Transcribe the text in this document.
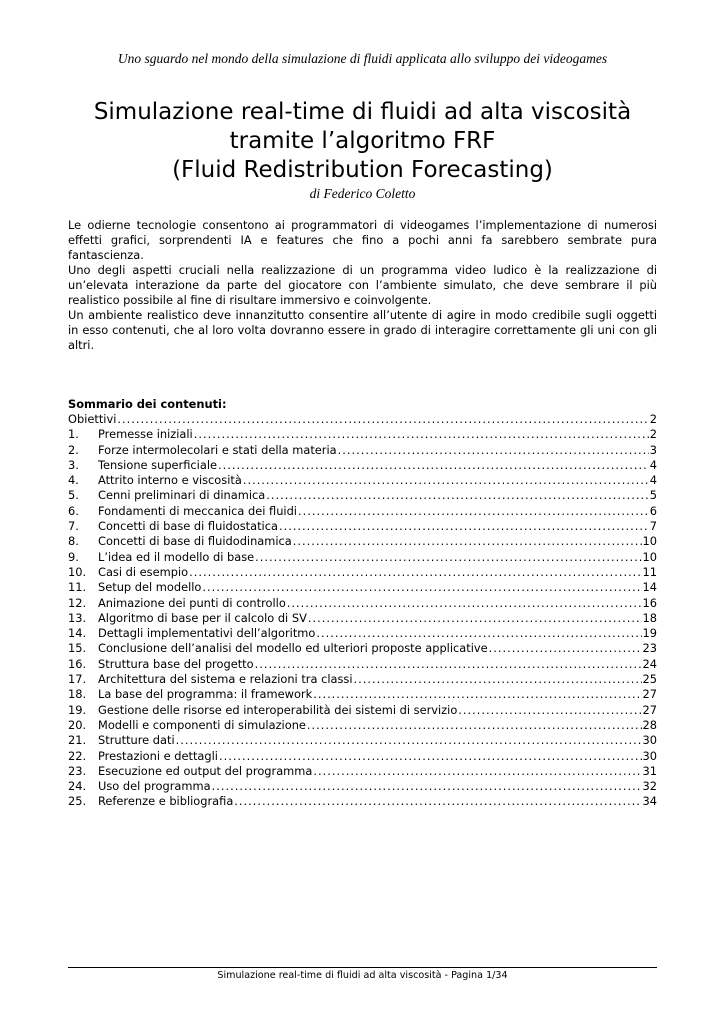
Uno sguardo nel mondo della simulazione di fluidi applicata allo sviluppo dei videogames
Simulazione real-time di fluidi ad alta viscosità
tramite l’algoritmo FRF
(Fluid Redistribution Forecasting)
di Federico Coletto

Le odierne tecnologie consentono ai programmatori di videogames l’implementazione di numerosi effetti grafici, sorprendenti IA e features che fino a pochi anni fa sarebbero sembrate pura fantascienza.

Uno degli aspetti cruciali nella realizzazione di un programma video ludico è la realizzazione di un’elevata interazione da parte del giocatore con l’ambiente simulato, che deve sembrare il più realistico possibile al fine di risultare immersivo e coinvolgente.

Un ambiente realistico deve innanzitutto consentire all’utente di agire in modo credibile sugli oggetti in esso contenuti, che al loro volta dovranno essere in grado di interagire correttamente gli uni con gli altri.

Sommario dei contenuti:
Obiettivi .....	2
1.	Premesse iniziali .....	2
2.	Forze intermolecolari e stati della materia .....	3
3.	Tensione superficiale .....	4
4.	Attrito interno e viscosità .....	4
5.	Cenni preliminari di dinamica .....	5
6.	Fondamenti di meccanica dei fluidi .....	6
7.	Concetti di base di fluidostatica .....	7
8.	Concetti di base di fluidodinamica .....	10
9.	L’idea ed il modello di base .....	10
10.	Casi di esempio .....	11
11.	Setup del modello .....	14
12.	Animazione dei punti di controllo .....	16
13.	Algoritmo di base per il calcolo di SV .....	18
14.	Dettagli implementativi dell’algoritmo .....	19
15.	Conclusione dell’analisi del modello ed ulteriori proposte applicative .....	23
16.	Struttura base del progetto .....	24
17.	Architettura del sistema e relazioni tra classi .....	25
18.	La base del programma: il framework .....	27
19.	Gestione delle risorse ed interoperabilità dei sistemi di servizio .....	27
20.	Modelli e componenti di simulazione .....	28
21.	Strutture dati .....	30
22.	Prestazioni e dettagli .....	30
23.	Esecuzione ed output del programma .....	31
24.	Uso del programma .....	32
25.	Referenze e bibliografia .....	34
Simulazione real-time di fluidi ad alta viscosità - Pagina 1/34
